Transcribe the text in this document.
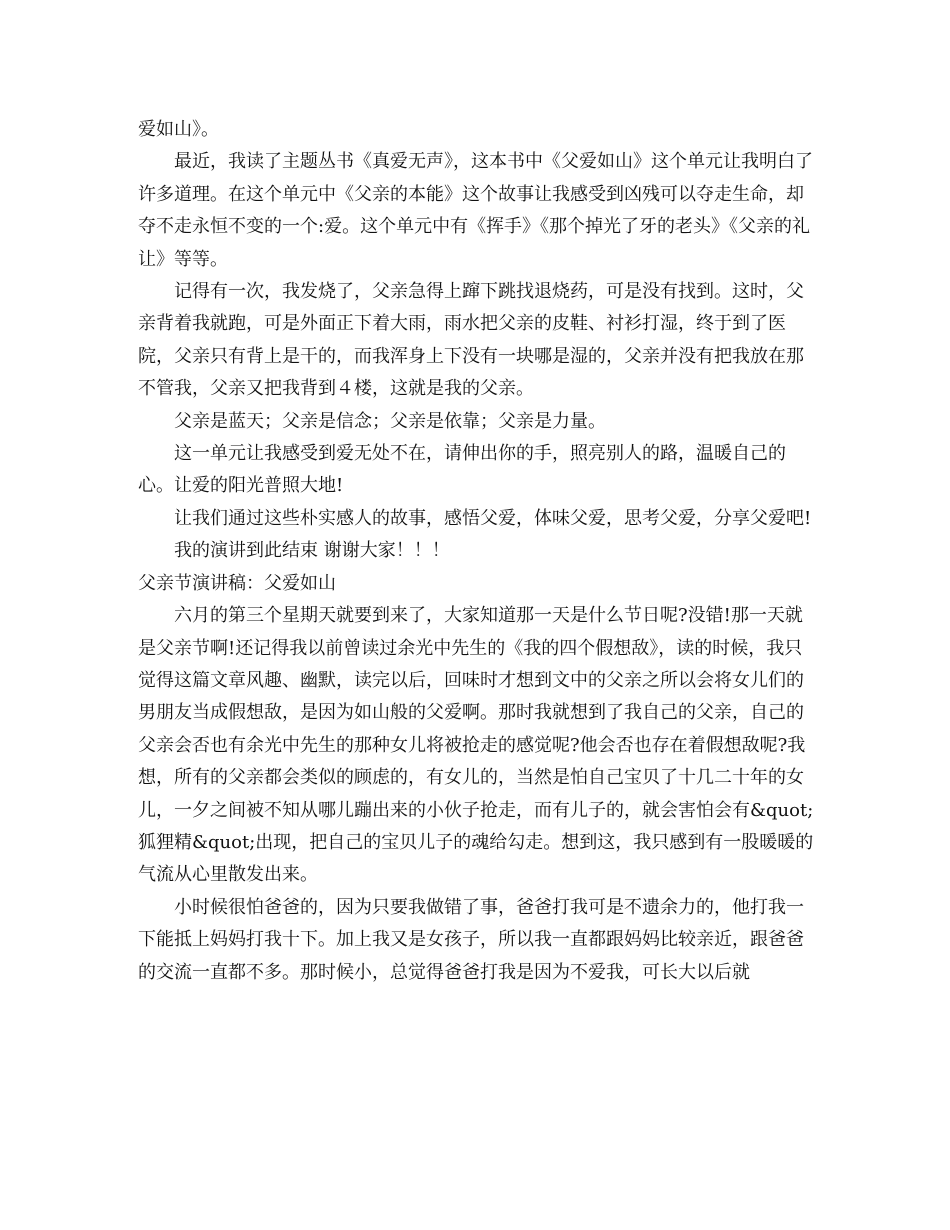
爱如山》。

最近，我读了主题丛书《真爱无声》，这本书中《父爱如山》这个单元让我明白了许多道理。在这个单元中《父亲的本能》这个故事让我感受到凶残可以夺走生命，却夺不走永恒不变的一个:爱。这个单元中有《挥手》《那个掉光了牙的老头》《父亲的礼让》等等。

记得有一次，我发烧了，父亲急得上蹿下跳找退烧药，可是没有找到。这时，父亲背着我就跑，可是外面正下着大雨，雨水把父亲的皮鞋、衬衫打湿，终于到了医院，父亲只有背上是干的，而我浑身上下没有一块哪是湿的，父亲并没有把我放在那不管我，父亲又把我背到４楼，这就是我的父亲。

父亲是蓝天；父亲是信念；父亲是依靠；父亲是力量。

这一单元让我感受到爱无处不在，请伸出你的手，照亮别人的路，温暖自己的心。让爱的阳光普照大地!

让我们通过这些朴实感人的故事，感悟父爱，体味父爱，思考父爱，分享父爱吧!

我的演讲到此结束 谢谢大家！！！

父亲节演讲稿：父爱如山

六月的第三个星期天就要到来了，大家知道那一天是什么节日呢?没错!那一天就是父亲节啊!还记得我以前曾读过余光中先生的《我的四个假想敌》，读的时候，我只觉得这篇文章风趣、幽默，读完以后，回味时才想到文中的父亲之所以会将女儿们的男朋友当成假想敌，是因为如山般的父爱啊。那时我就想到了我自己的父亲，自己的父亲会否也有余光中先生的那种女儿将被抢走的感觉呢?他会否也存在着假想敌呢?我想，所有的父亲都会类似的顾虑的，有女儿的，当然是怕自己宝贝了十几二十年的女儿，一夕之间被不知从哪儿蹦出来的小伙子抢走，而有儿子的，就会害怕会有&quot;狐狸精&quot;出现，把自己的宝贝儿子的魂给勾走。想到这，我只感到有一股暖暖的气流从心里散发出来。

小时候很怕爸爸的，因为只要我做错了事，爸爸打我可是不遗余力的，他打我一下能抵上妈妈打我十下。加上我又是女孩子，所以我一直都跟妈妈比较亲近，跟爸爸的交流一直都不多。那时候小，总觉得爸爸打我是因为不爱我，可长大以后就
